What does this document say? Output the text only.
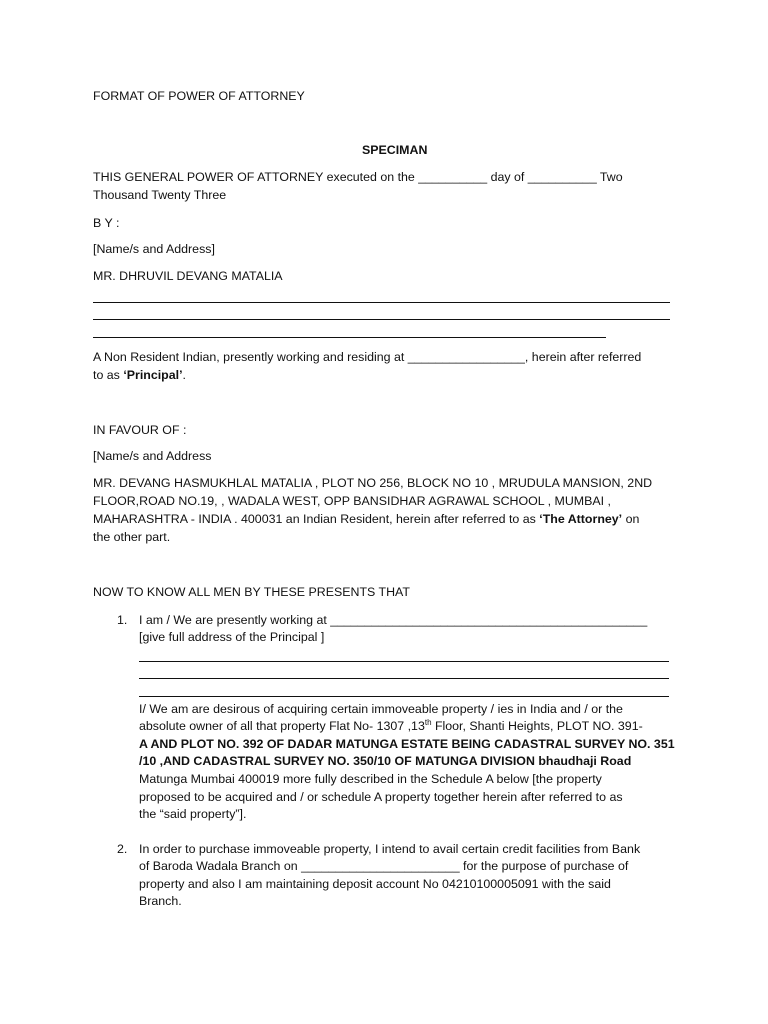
FORMAT OF POWER OF ATTORNEY
SPECIMAN
THIS GENERAL POWER OF ATTORNEY executed on the __________ day of __________ Two
Thousand Twenty Three
B Y :
[Name/s and Address]
MR. DHRUVIL DEVANG MATALIA
A Non Resident Indian, presently working and residing at _________________, herein after referred
to as ‘Principal’.
IN FAVOUR OF :
[Name/s and Address
MR. DEVANG HASMUKHLAL MATALIA , PLOT NO 256, BLOCK NO 10 , MRUDULA MANSION, 2ND
FLOOR,ROAD NO.19, , WADALA WEST, OPP BANSIDHAR AGRAWAL SCHOOL , MUMBAI ,
MAHARASHTRA - INDIA . 400031 an Indian Resident, herein after referred to as ‘The Attorney’ on
the other part.
NOW TO KNOW ALL MEN BY THESE PRESENTS THAT
1. I am / We are presently working at ______________________________________________
[give full address of the Principal ]
I/ We am are desirous of acquiring certain immoveable property / ies in India and / or the
absolute owner of all that property Flat No- 1307 ,13th Floor, Shanti Heights, PLOT NO. 391-
A AND PLOT NO. 392 OF DADAR MATUNGA ESTATE BEING CADASTRAL SURVEY NO. 351
/10 ,AND CADASTRAL SURVEY NO. 350/10 OF MATUNGA DIVISION bhaudhaji Road
Matunga Mumbai 400019 more fully described in the Schedule A below [the property
proposed to be acquired and / or schedule A property together herein after referred to as
the “said property”].
2. In order to purchase immoveable property, I intend to avail certain credit facilities from Bank
of Baroda Wadala Branch on _______________________ for the purpose of purchase of
property and also I am maintaining deposit account No 04210100005091 with the said
Branch.
